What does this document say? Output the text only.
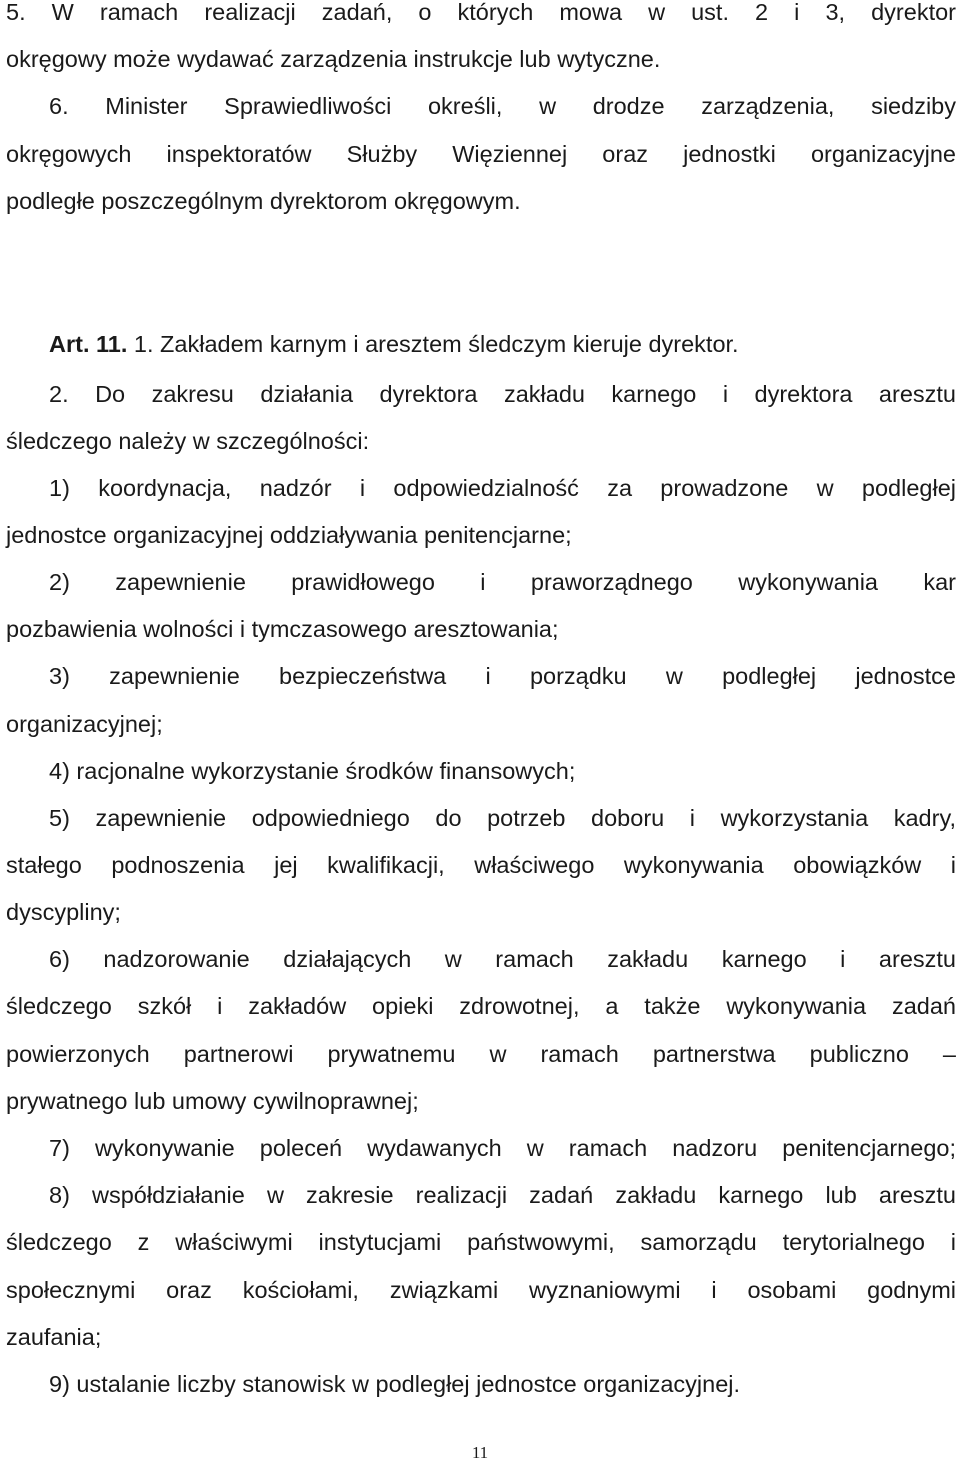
5. W ramach realizacji zadań, o których mowa w ust. 2 i 3, dyrektor
okręgowy może wydawać zarządzenia instrukcje lub wytyczne.
6. Minister Sprawiedliwości określi, w drodze zarządzenia, siedziby
okręgowych inspektoratów Służby Więziennej oraz jednostki organizacyjne
podległe poszczególnym dyrektorom okręgowym.
Art. 11. 1. Zakładem karnym i aresztem śledczym kieruje dyrektor.
2. Do zakresu działania dyrektora zakładu karnego i dyrektora aresztu
śledczego należy w szczególności:
1) koordynacja, nadzór i odpowiedzialność za prowadzone w podległej
jednostce organizacyjnej oddziaływania penitencjarne;
2) zapewnienie prawidłowego i praworządnego wykonywania kar
pozbawienia wolności i tymczasowego aresztowania;
3) zapewnienie bezpieczeństwa i porządku w podległej jednostce
organizacyjnej;
4) racjonalne wykorzystanie środków finansowych;
5) zapewnienie odpowiedniego do potrzeb doboru i wykorzystania kadry,
stałego podnoszenia jej kwalifikacji, właściwego wykonywania obowiązków i
dyscypliny;
6) nadzorowanie działających w ramach zakładu karnego i aresztu
śledczego szkół i zakładów opieki zdrowotnej, a także wykonywania zadań
powierzonych partnerowi prywatnemu w ramach partnerstwa publiczno –
prywatnego lub umowy cywilnoprawnej;
7) wykonywanie poleceń wydawanych w ramach nadzoru penitencjarnego;
8) współdziałanie w zakresie realizacji zadań zakładu karnego lub aresztu
śledczego z właściwymi instytucjami państwowymi, samorządu terytorialnego i
społecznymi oraz kościołami, związkami wyznaniowymi i osobami godnymi
zaufania;
9) ustalanie liczby stanowisk w podległej jednostce organizacyjnej.
11
